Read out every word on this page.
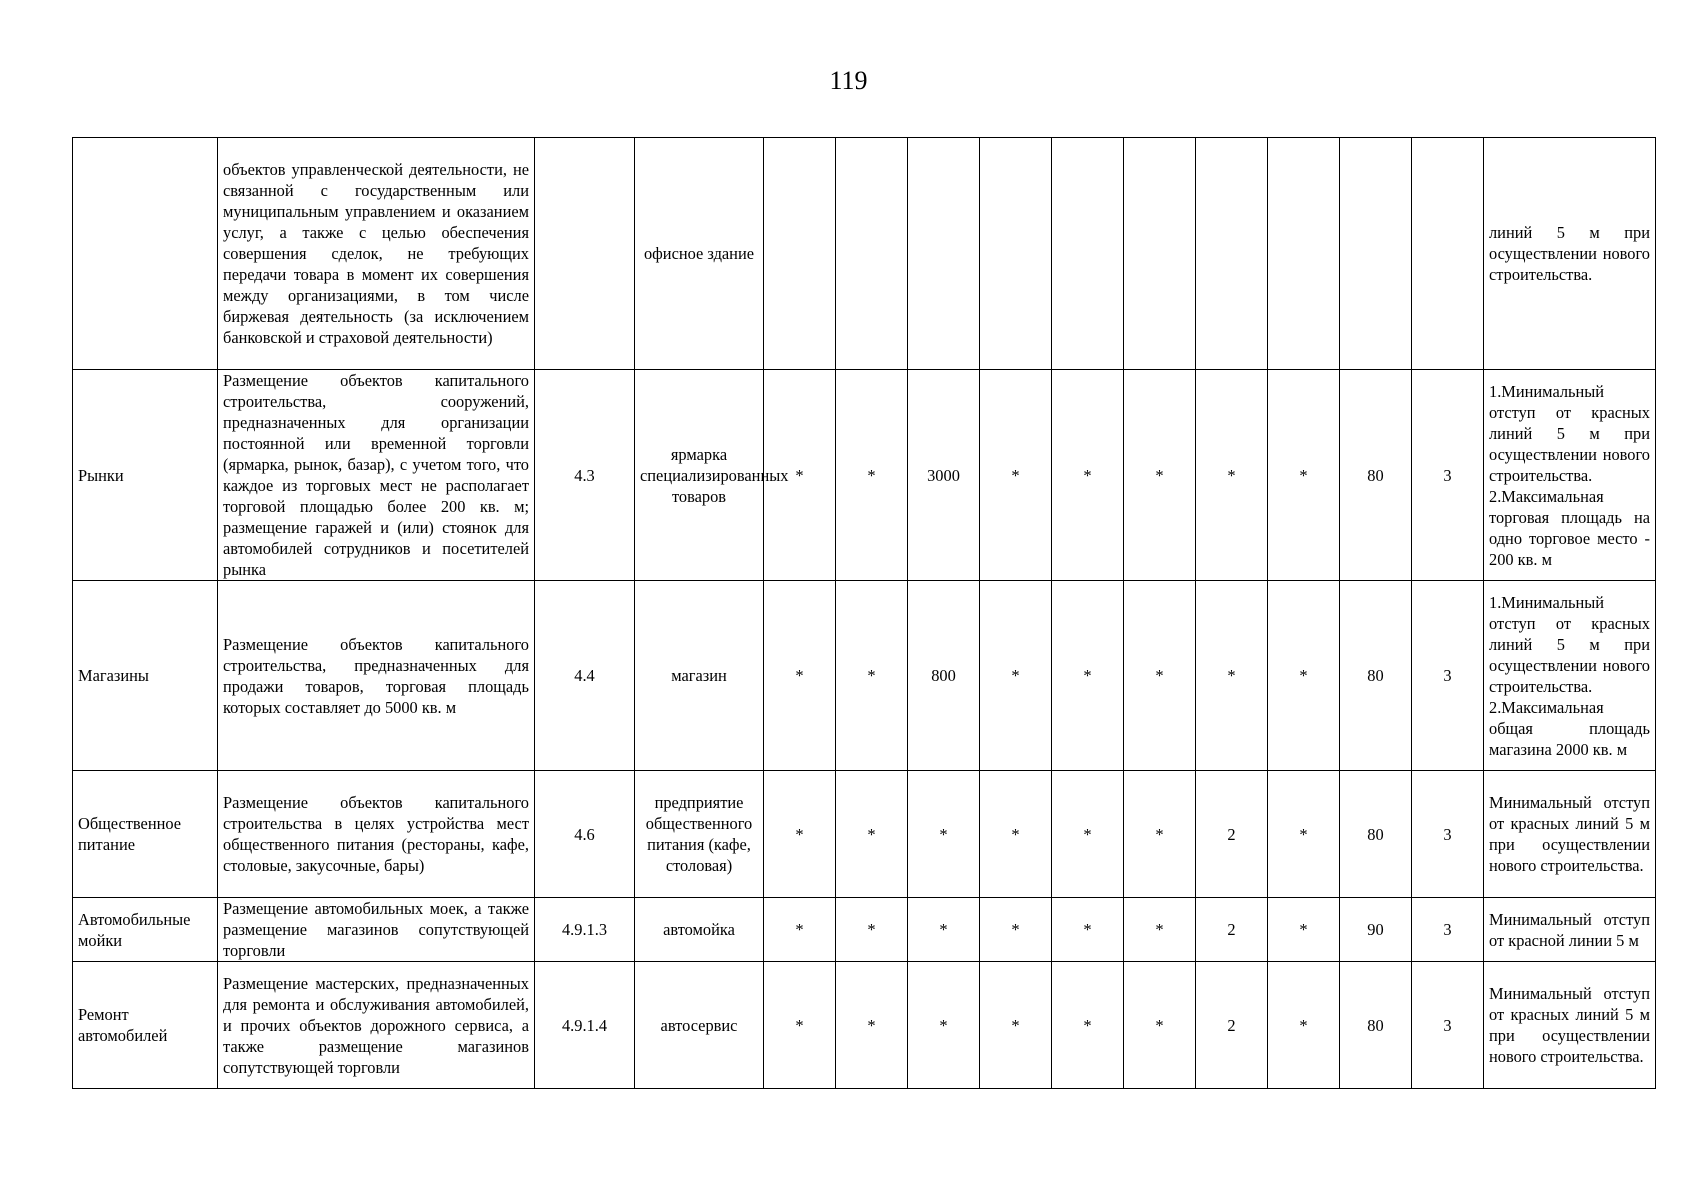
119
	объектов управленческой деятельности, не связанной с государственным или муниципальным управлением и оказанием услуг, а также с целью обеспечения совершения сделок, не требующих передачи товара в момент их совершения между организациями, в том числе биржевая деятельность (за исключением банковской и страховой деятельности)		офисное здание											линий 5 м при осуществлении нового строительства.
Рынки	Размещение объектов капитального строительства, сооружений, предназначенных для организации постоянной или временной торговли (ярмарка, рынок, базар), с учетом того, что каждое из торговых мест не располагает торговой площадью более 200 кв. м; размещение гаражей и (или) стоянок для автомобилей сотрудников и посетителей рынка	4.3	ярмарка специализированных товаров	*	*	3000	*	*	*	*	*	80	3	1.Минимальный отступ от красных линий 5 м при осуществлении нового строительства. 2.Максимальная торговая площадь на одно торговое место - 200 кв. м
Магазины	Размещение объектов капитального строительства, предназначенных для продажи товаров, торговая площадь которых составляет до 5000 кв. м	4.4	магазин	*	*	800	*	*	*	*	*	80	3	1.Минимальный отступ от красных линий 5 м при осуществлении нового строительства. 2.Максимальная общая площадь магазина 2000 кв. м
Общественное питание	Размещение объектов капитального строительства в целях устройства мест общественного питания (рестораны, кафе, столовые, закусочные, бары)	4.6	предприятие общественного питания (кафе, столовая)	*	*	*	*	*	*	2	*	80	3	Минимальный отступ от красных линий 5 м при осуществлении нового строительства.
Автомобильные мойки	Размещение автомобильных моек, а также размещение магазинов сопутствующей торговли	4.9.1.3	автомойка	*	*	*	*	*	*	2	*	90	3	Минимальный отступ от красной линии 5 м
Ремонт автомобилей	Размещение мастерских, предназначенных для ремонта и обслуживания автомобилей, и прочих объектов дорожного сервиса, а также размещение магазинов сопутствующей торговли	4.9.1.4	автосервис	*	*	*	*	*	*	2	*	80	3	Минимальный отступ от красных линий 5 м при осуществлении нового строительства.
